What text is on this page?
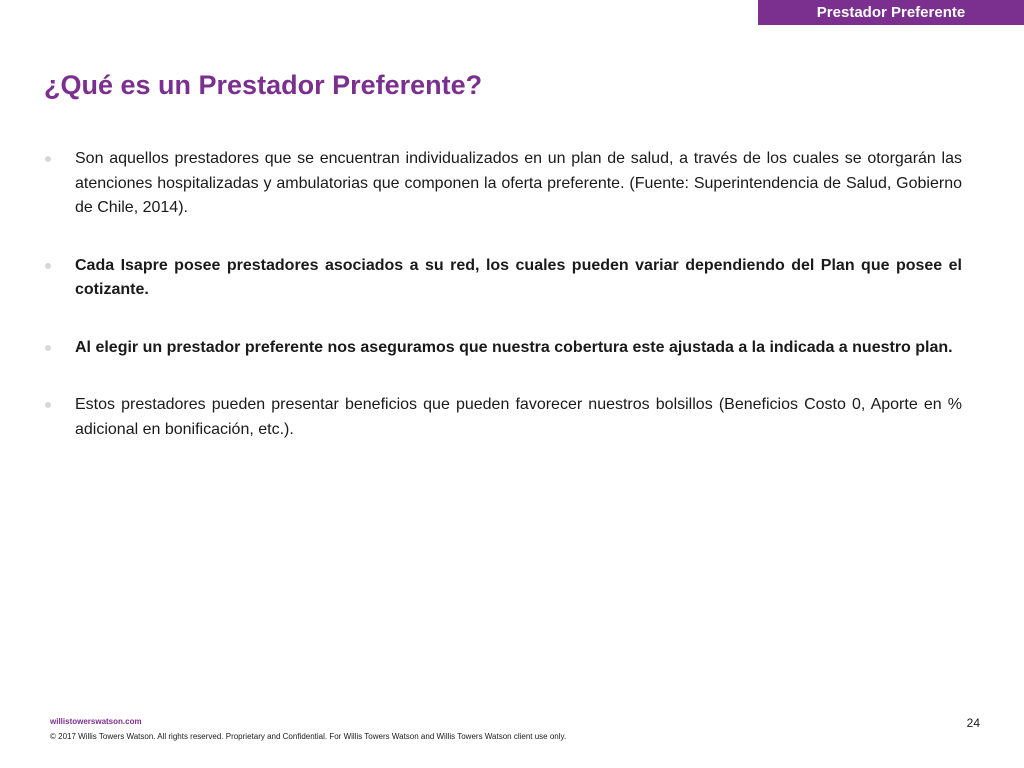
Prestador Preferente
¿Qué es un Prestador Preferente?
Son aquellos prestadores que se encuentran individualizados en un plan de salud, a través de los cuales se otorgarán las atenciones hospitalizadas y ambulatorias que componen la oferta preferente. (Fuente: Superintendencia de Salud, Gobierno de Chile, 2014).
Cada Isapre posee prestadores asociados a su red, los cuales pueden variar dependiendo del Plan que posee el cotizante.
Al elegir un prestador preferente nos aseguramos que nuestra cobertura este ajustada a la indicada a nuestro plan.
Estos prestadores pueden presentar beneficios que pueden favorecer nuestros bolsillos (Beneficios Costo 0, Aporte en % adicional en bonificación, etc.).
willistowerswatson.com
© 2017 Willis Towers Watson. All rights reserved. Proprietary and Confidential. For Willis Towers Watson and Willis Towers Watson client use only.
24
